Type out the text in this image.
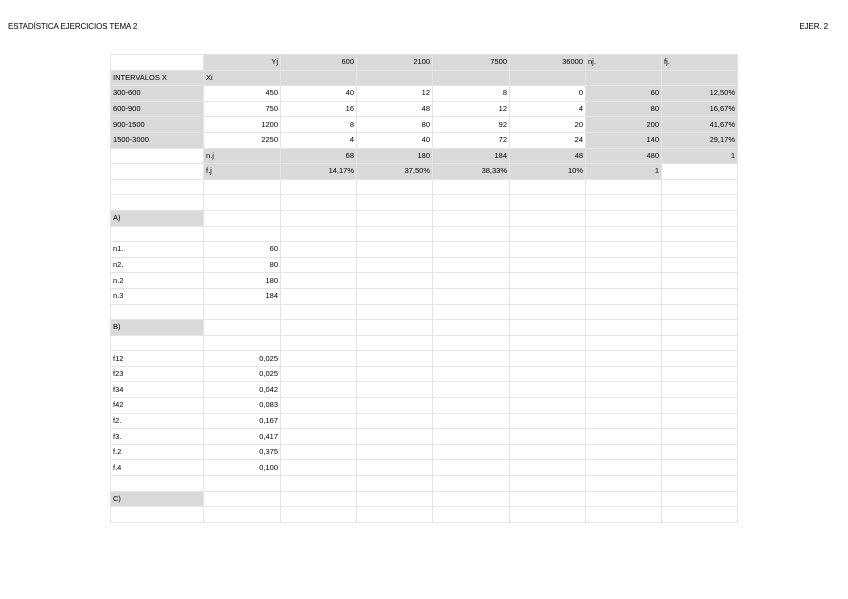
ESTADÍSTICA EJERCICIOS TEMA 2	EJER. 2
	Yj	600	2100	7500	36000	nj.	fj.
INTERVALOS X	Xi						
300-600	450	40	12	8	0	60	12,50%
600-900	750	16	48	12	4	80	16,67%
900-1500	1200	8	80	92	20	200	41,67%
1500-3000	2250	4	40	72	24	140	29,17%
	n.j	68	180	184	48	480	1
	f.j	14,17%	37,50%	38,33%	10%	1	

A)							

n1.	60						
n2.	80						
n.2	180						
n.3	184						

B)							

f12	0,025						
f23	0,025						
f34	0,042						
f42	0,083						
f2.	0,167						
f3.	0,417						
f.2	0,375						
f.4	0,100						

C)							
